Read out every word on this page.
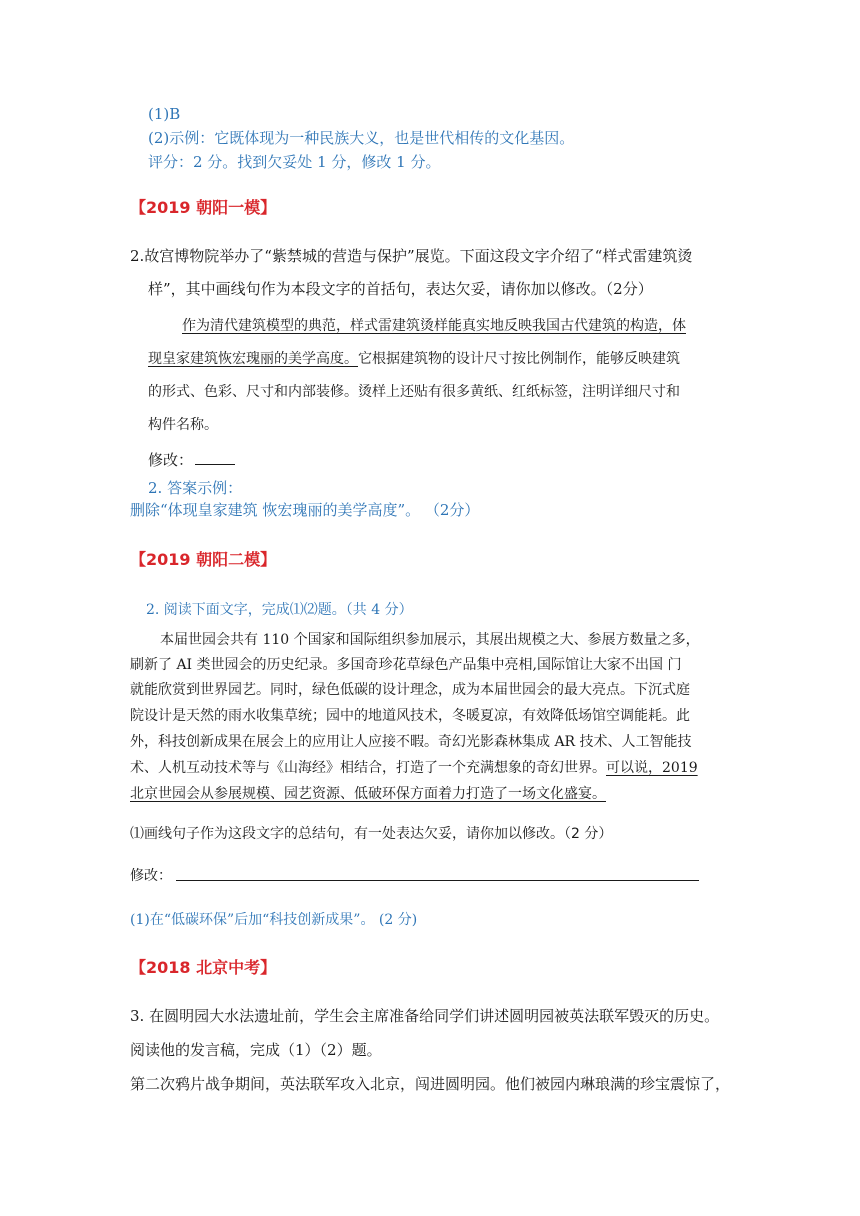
(1)B
(2)示例：它既体现为一种民族大义，也是世代相传的文化基因。
评分：2 分。找到欠妥处 1 分，修改 1 分。
【2019 朝阳一模】
2.故宫博物院举办了“紫禁城的营造与保护”展览。下面这段文字介绍了“样式雷建筑烫
样”，其中画线句作为本段文字的首括句，表达欠妥，请你加以修改。（2分）
作为清代建筑模型的典范，样式雷建筑烫样能真实地反映我国古代建筑的构造，体
现皇家建筑恢宏瑰丽的美学高度。它根据建筑物的设计尺寸按比例制作，能够反映建筑
的形式、色彩、尺寸和内部装修。烫样上还贴有很多黄纸、红纸标签，注明详细尺寸和
构件名称。
修改：
2. 答案示例：
删除“体现皇家建筑 恢宏瑰丽的美学高度”。 （2分）
【2019 朝阳二模】
2. 阅读下面文字，完成⑴⑵题。（共 4 分）
本届世园会共有 110 个国家和国际组织参加展示，其展出规模之大、参展方数量之多，
刷新了 AI 类世园会的历史纪录。多国奇珍花草绿色产品集中亮相,国际馆让大家不出国 门
就能欣赏到世界园艺。同时，绿色低碳的设计理念，成为本届世园会的最大亮点。下沉式庭
院设计是天然的雨水收集草统；园中的地道风技术，冬暖夏凉，有效降低场馆空调能耗。此
外，科技创新成果在展会上的应用让人应接不暇。奇幻光影森林集成 AR 技术、人工智能技
术、人机互动技术等与《山海经》相结合，打造了一个充满想象的奇幻世界。可以说，2019
北京世园会从参展规模、园艺资源、低破环保方面着力打造了一场文化盛宴。
⑴画线句子作为这段文字的总结句，有一处表达欠妥，请你加以修改。（2 分）
修改：
(1)在“低碳环保”后加“科技创新成果”。 (2 分)
【2018 北京中考】
3. 在圆明园大水法遗址前，学生会主席准备给同学们讲述圆明园被英法联军毁灭的历史。
阅读他的发言稿，完成（1）（2）题。
第二次鸦片战争期间，英法联军攻入北京，闯进圆明园。他们被园内琳琅满的珍宝震惊了，
